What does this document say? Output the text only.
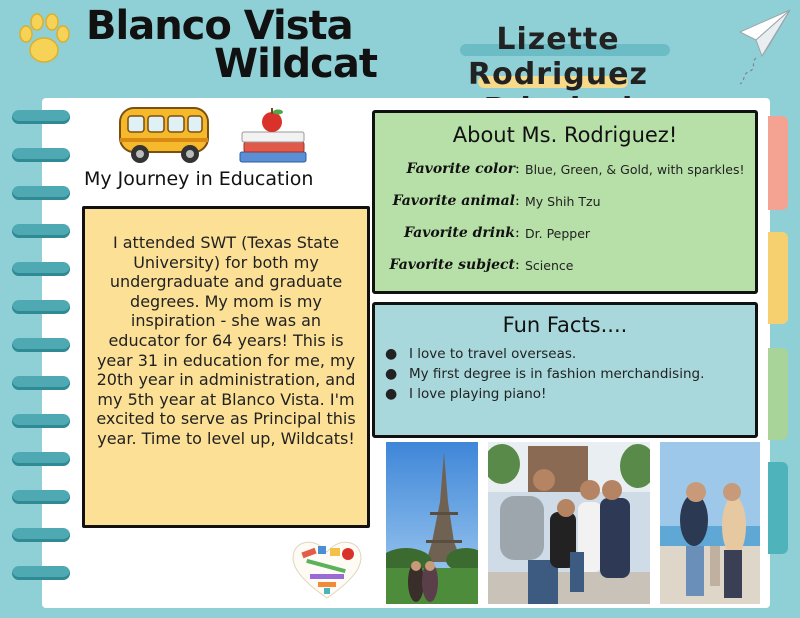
Blanco Vista
Wildcat
Lizette Rodriguez
My Journey in Education

I attended SWT (Texas State University) for both my undergraduate and graduate degrees. My mom is my inspiration - she was an educator for 64 years! This is year 31 in education for me, my 20th year in administration, and my 5th year at Blanco Vista. I'm excited to serve as Principal this year. Time to level up, Wildcats!

About Ms. Rodriguez!
Favorite color : Blue, Green, & Gold, with sparkles!
Favorite animal : My Shih Tzu
Favorite drink : Dr. Pepper
Favorite subject : Science
Fun Facts....
● I love to travel overseas.
● My first degree is in fashion merchandising.
● I love playing piano!
